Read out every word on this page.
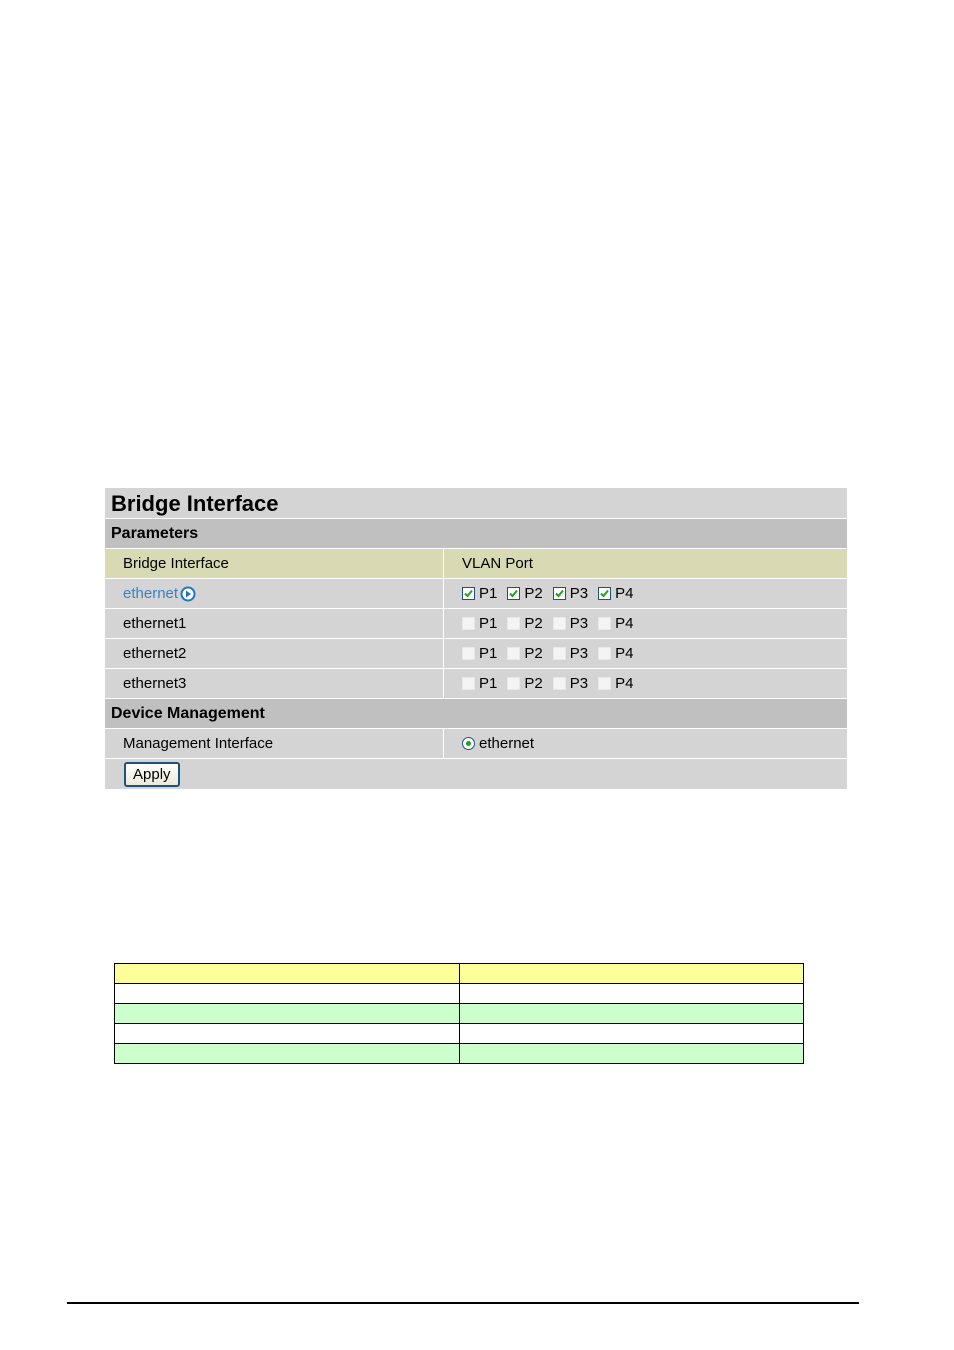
Bridge Interface
Parameters
Bridge Interface	VLAN Port
ethernet	P1 P2 P3 P4
ethernet1	P1 P2 P3 P4
ethernet2	P1 P2 P3 P4
ethernet3	P1 P2 P3 P4
Device Management
Management Interface	ethernet
Apply
